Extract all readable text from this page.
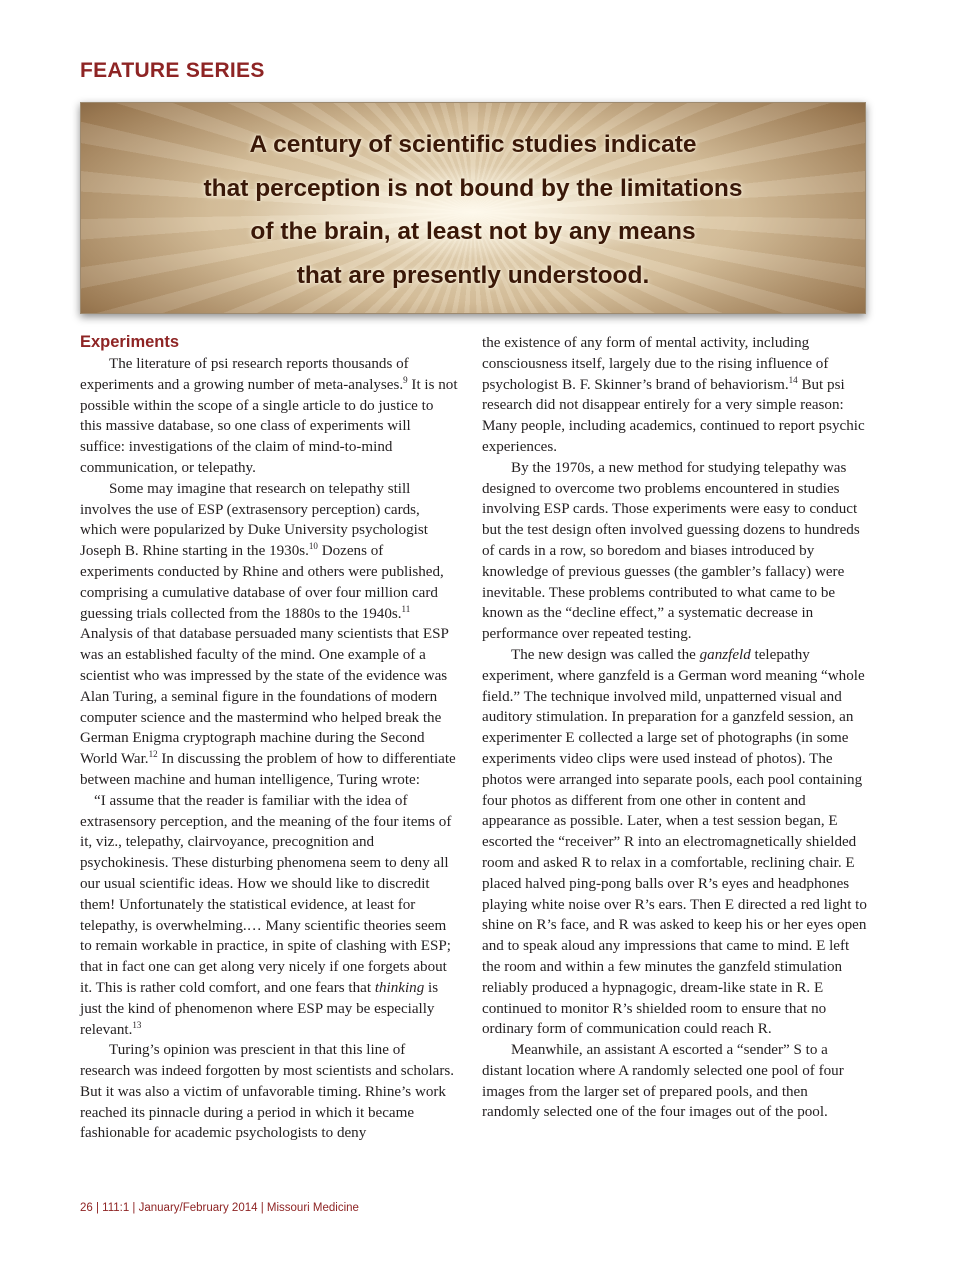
FEATURE SERIES
A century of scientific studies indicate
that perception is not bound by the limitations
of the brain, at least not by any means
that are presently understood.
Experiments

The literature of psi research reports thousands of experiments and a growing number of meta-analyses.$^9$ It is not possible within the scope of a single article to do justice to this massive database, so one class of experiments will suffice: investigations of the claim of mind-to-mind communication, or telepathy.

Some may imagine that research on telepathy still involves the use of ESP (extrasensory perception) cards, which were popularized by Duke University psychologist Joseph B. Rhine starting in the 1930s.$^{10}$ Dozens of experiments conducted by Rhine and others were published, comprising a cumulative database of over four million card guessing trials collected from the 1880s to the 1940s.$^{11}$ Analysis of that database persuaded many scientists that ESP was an established faculty of the mind. One example of a scientist who was impressed by the state of the evidence was Alan Turing, a seminal figure in the foundations of modern computer science and the mastermind who helped break the German Enigma cryptograph machine during the Second World War.$^{12}$ In discussing the problem of how to differentiate between machine and human intelligence, Turing wrote:

“I assume that the reader is familiar with the idea of extrasensory perception, and the meaning of the four items of it, viz., telepathy, clairvoyance, precognition and psychokinesis. These disturbing phenomena seem to deny all our usual scientific ideas. How we should like to discredit them! Unfortunately the statistical evidence, at least for telepathy, is overwhelming.… Many scientific theories seem to remain workable in practice, in spite of clashing with ESP; that in fact one can get along very nicely if one forgets about it. This is rather cold comfort, and one fears that thinking is just the kind of phenomenon where ESP may be especially relevant.$^{13}$

Turing’s opinion was prescient in that this line of research was indeed forgotten by most scientists and scholars. But it was also a victim of unfavorable timing. Rhine’s work reached its pinnacle during a period in which it became fashionable for academic psychologists to deny

the existence of any form of mental activity, including consciousness itself, largely due to the rising influence of psychologist B. F. Skinner’s brand of behaviorism.$^{14}$ But psi research did not disappear entirely for a very simple reason: Many people, including academics, continued to report psychic experiences.

By the 1970s, a new method for studying telepathy was designed to overcome two problems encountered in studies involving ESP cards. Those experiments were easy to conduct but the test design often involved guessing dozens to hundreds of cards in a row, so boredom and biases introduced by knowledge of previous guesses (the gambler’s fallacy) were inevitable. These problems contributed to what came to be known as the “decline effect,” a systematic decrease in performance over repeated testing.

The new design was called the ganzfeld telepathy experiment, where ganzfeld is a German word meaning “whole field.” The technique involved mild, unpatterned visual and auditory stimulation. In preparation for a ganzfeld session, an experimenter E collected a large set of photographs (in some experiments video clips were used instead of photos). The photos were arranged into separate pools, each pool containing four photos as different from one other in content and appearance as possible. Later, when a test session began, E escorted the “receiver” R into an electromagnetically shielded room and asked R to relax in a comfortable, reclining chair. E placed halved ping-pong balls over R’s eyes and headphones playing white noise over R’s ears. Then E directed a red light to shine on R’s face, and R was asked to keep his or her eyes open and to speak aloud any impressions that came to mind. E left the room and within a few minutes the ganzfeld stimulation reliably produced a hypnagogic, dream-like state in R. E continued to monitor R’s shielded room to ensure that no ordinary form of communication could reach R.

Meanwhile, an assistant A escorted a “sender” S to a distant location where A randomly selected one pool of four images from the larger set of prepared pools, and then randomly selected one of the four images out of the pool.

26 | 111:1 | January/February 2014 | Missouri Medicine
